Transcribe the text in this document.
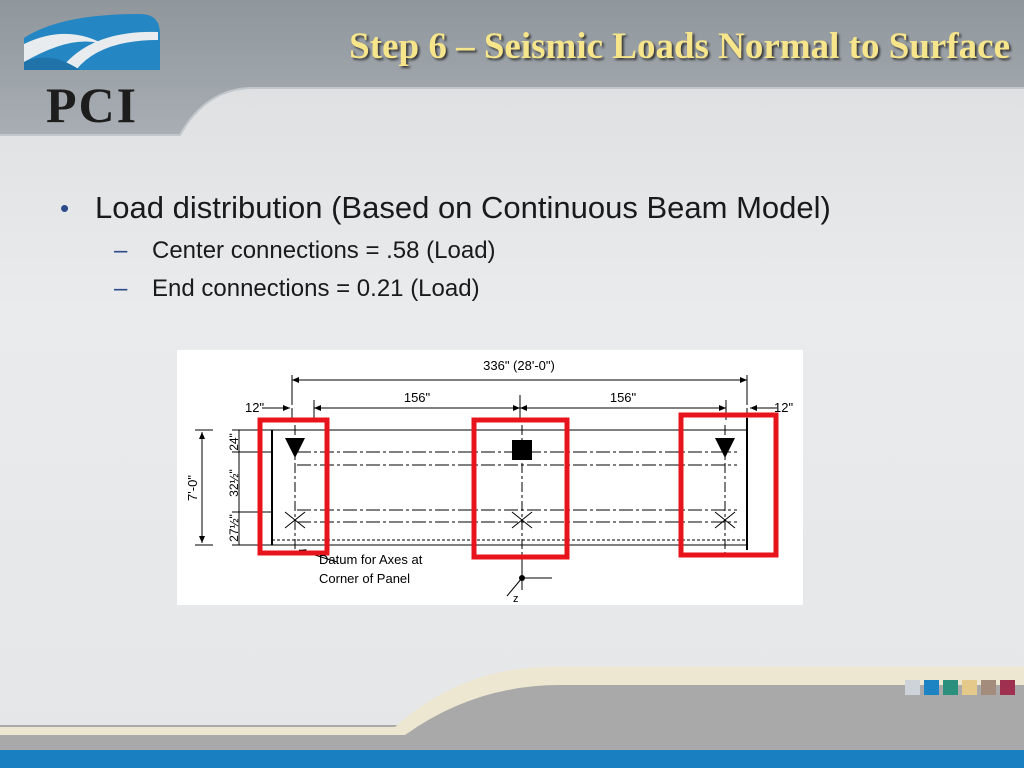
PCI
Step 6 – Seismic Loads Normal to Surface
• Load distribution (Based on Continuous Beam Model)
– Center connections = .58 (Load)
– End connections = 0.21 (Load)
336" (28'-0")
156"	156"
12"	12"
Datum for Axes at
Corner of Panel
z
7'-0"
24"
32½"
27½"
